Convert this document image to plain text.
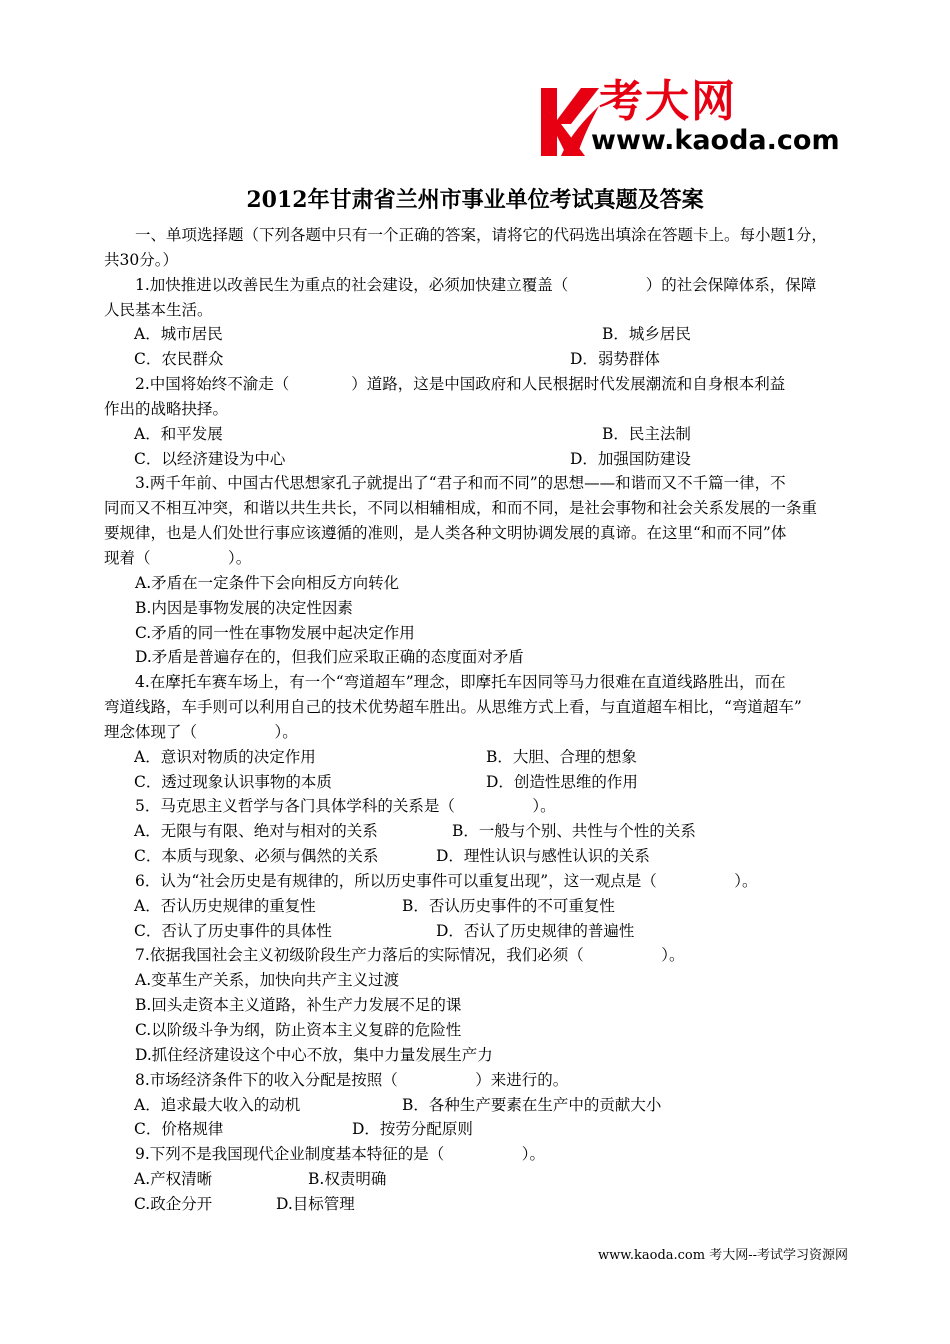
考大网
www.kaoda.com
2012年甘肃省兰州市事业单位考试真题及答案
　　一、单项选择题（下列各题中只有一个正确的答案，请将它的代码选出填涂在答题卡上。每小题1分，
共30分。）
　　1.加快推进以改善民生为重点的社会建设，必须加快建立覆盖（　　　　　）的社会保障体系，保障
人民基本生活。
A．城市居民	B．城乡居民
C．农民群众	D．弱势群体
　　2.中国将始终不渝走（　　　　）道路，这是中国政府和人民根据时代发展潮流和自身根本利益
作出的战略抉择。
A．和平发展	B．民主法制
C．以经济建设为中心	D．加强国防建设
　　3.两千年前、中国古代思想家孔子就提出了“君子和而不同”的思想——和谐而又不千篇一律，不
同而又不相互冲突，和谐以共生共长，不同以相辅相成，和而不同，是社会事物和社会关系发展的一条重
要规律，也是人们处世行事应该遵循的准则，是人类各种文明协调发展的真谛。在这里“和而不同”体
现着（　　　　　）。
　　A.矛盾在一定条件下会向相反方向转化
　　B.内因是事物发展的决定性因素
　　C.矛盾的同一性在事物发展中起决定作用
　　D.矛盾是普遍存在的，但我们应采取正确的态度面对矛盾
　　4.在摩托车赛车场上，有一个“弯道超车”理念，即摩托车因同等马力很难在直道线路胜出，而在
弯道线路，车手则可以利用自己的技术优势超车胜出。从思维方式上看，与直道超车相比，“弯道超车”
理念体现了（　　　　　）。
A．意识对物质的决定作用	B．大胆、合理的想象
C．透过现象认识事物的本质	D．创造性思维的作用
　　5．马克思主义哲学与各门具体学科的关系是（　　　　　）。
A．无限与有限、绝对与相对的关系	B．一般与个别、共性与个性的关系
C．本质与现象、必须与偶然的关系	D．理性认识与感性认识的关系
　　6．认为“社会历史是有规律的，所以历史事件可以重复出现”，这一观点是（　　　　　）。
A．否认历史规律的重复性	B．否认历史事件的不可重复性
C．否认了历史事件的具体性	D．否认了历史规律的普遍性
　　7.依据我国社会主义初级阶段生产力落后的实际情况，我们必须（　　　　　）。
　　A.变革生产关系，加快向共产主义过渡
　　B.回头走资本主义道路，补生产力发展不足的课
　　C.以阶级斗争为纲，防止资本主义复辟的危险性
　　D.抓住经济建设这个中心不放，集中力量发展生产力
　　8.市场经济条件下的收入分配是按照（　　　　　）来进行的。
A．追求最大收入的动机	B．各种生产要素在生产中的贡献大小
C．价格规律	D．按劳分配原则
　　9.下列不是我国现代企业制度基本特征的是（　　　　　）。
A.产权清晰	B.权责明确
C.政企分开	D.目标管理
www.kaoda.com 考大网--考试学习资源网
